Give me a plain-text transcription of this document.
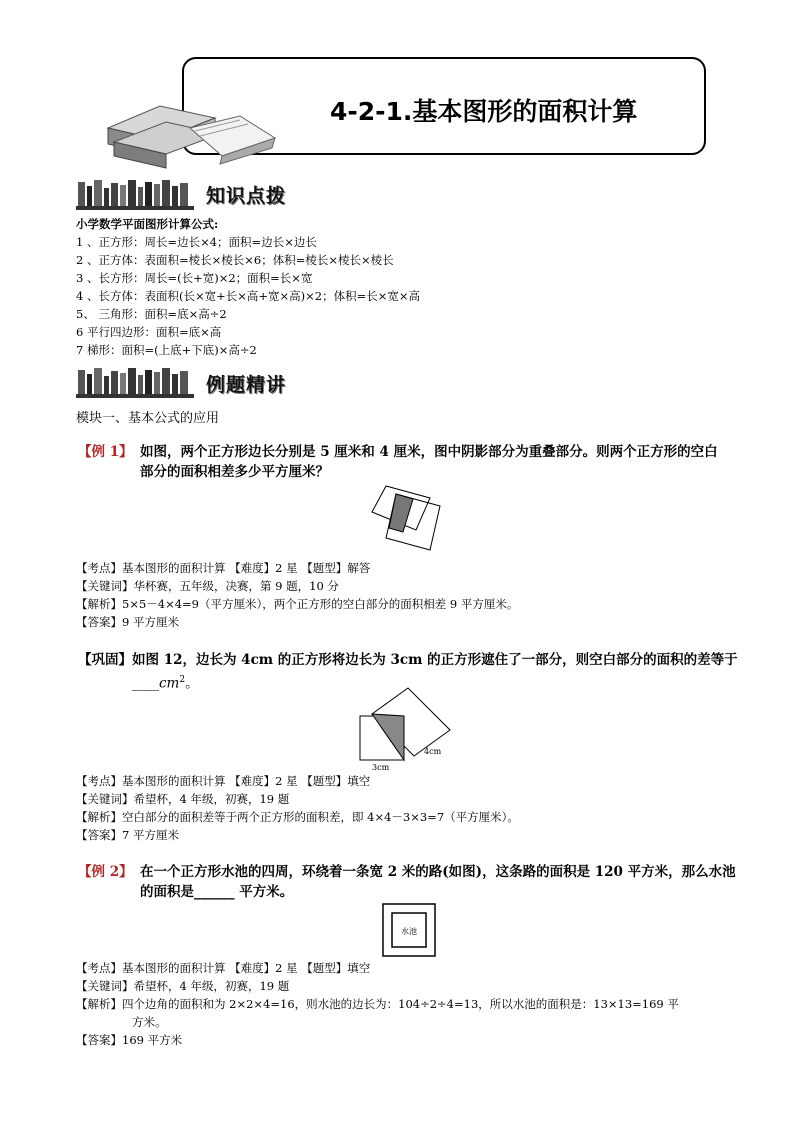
4-2-1.基本图形的面积计算
知识点拨
小学数学平面图形计算公式:
1 、正方形：周长=边长×4；面积=边长×边长
2 、正方体：表面积=棱长×棱长×6；体积=棱长×棱长×棱长
3 、长方形：周长=(长+宽)×2；面积=长×宽
4 、长方体：表面积(长×宽+长×高+宽×高)×2；体积=长×宽×高
5、 三角形：面积=底×高÷2
6 平行四边形：面积=底×高
7 梯形：面积=(上底+下底)×高÷2
例题精讲
模块一、基本公式的应用
【例 1】 如图，两个正方形边长分别是 5 厘米和 4 厘米，图中阴影部分为重叠部分。则两个正方形的空白
部分的面积相差多少平方厘米？
【考点】基本图形的面积计算 【难度】2 星 【题型】解答
【关键词】华杯赛，五年级，决赛，第 9 题，10 分
【解析】5×5－4×4=9（平方厘米），两个正方形的空白部分的面积相差 9 平方厘米。
【答案】9 平方厘米
【巩固】如图 12，边长为 4cm 的正方形将边长为 3cm 的正方形遮住了一部分，则空白部分的面积的差等于
$\_\_\_\_cm^2$。
3cm
4cm
【考点】基本图形的面积计算 【难度】2 星 【题型】填空
【关键词】希望杯，4 年级，初赛，19 题
【解析】空白部分的面积差等于两个正方形的面积差，即 4×4－3×3=7（平方厘米）。
【答案】7 平方厘米
【例 2】 在一个正方形水池的四周，环绕着一条宽 2 米的路(如图)，这条路的面积是 120 平方米，那么水池
的面积是______ 平方米。
水池
【考点】基本图形的面积计算 【难度】2 星 【题型】填空
【关键词】希望杯，4 年级，初赛，19 题
【解析】四个边角的面积和为 2×2×4=16，则水池的边长为：104÷2÷4=13，所以水池的面积是：13×13=169 平
方米。
【答案】169 平方米
